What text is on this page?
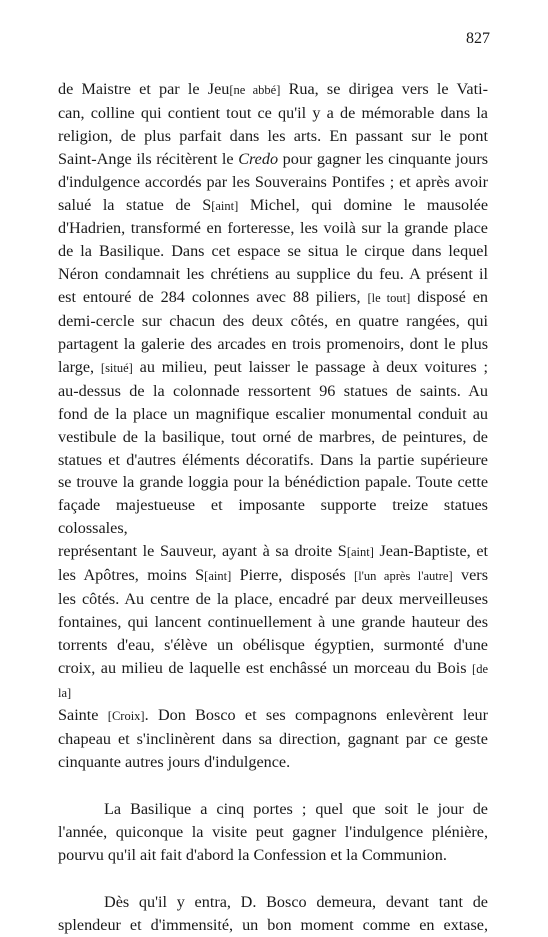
827
de Maistre et par le Jeu[ne abbé] Rua, se dirigea vers le Vati-
can, colline qui contient tout ce qu'il y a de mémorable dans la
religion, de plus parfait dans les arts. En passant sur le pont
Saint-Ange ils récitèrent le Credo pour gagner les cinquante jours
d'indulgence accordés par les Souverains Pontifes ; et après avoir
salué la statue de S[aint] Michel, qui domine le mausolée
d'Hadrien, transformé en forteresse, les voilà sur la grande place
de la Basilique. Dans cet espace se situa le cirque dans lequel
Néron condamnait les chrétiens au supplice du feu. A présent il
est entouré de 284 colonnes avec 88 piliers, [le tout] disposé en
demi-cercle sur chacun des deux côtés, en quatre rangées, qui
partagent la galerie des arcades en trois promenoirs, dont le plus
large, [situé] au milieu, peut laisser le passage à deux voitures ;
au-dessus de la colonnade ressortent 96 statues de saints. Au
fond de la place un magnifique escalier monumental conduit au
vestibule de la basilique, tout orné de marbres, de peintures, de
statues et d'autres éléments décoratifs. Dans la partie supérieure
se trouve la grande loggia pour la bénédiction papale. Toute cette
façade majestueuse et imposante supporte treize statues colossales,
représentant le Sauveur, ayant à sa droite S[aint] Jean-Baptiste, et
les Apôtres, moins S[aint] Pierre, disposés [l'un après l'autre] vers
les côtés. Au centre de la place, encadré par deux merveilleuses
fontaines, qui lancent continuellement à une grande hauteur des
torrents d'eau, s'élève un obélisque égyptien, surmonté d'une
croix, au milieu de laquelle est enchâssé un morceau du Bois [de la]
Sainte [Croix]. Don Bosco et ses compagnons enlevèrent leur
chapeau et s'inclinèrent dans sa direction, gagnant par ce geste
cinquante autres jours d'indulgence.
La Basilique a cinq portes ; quel que soit le jour de
l'année, quiconque la visite peut gagner l'indulgence plénière,
pourvu qu'il ait fait d'abord la Confession et la Communion.
Dès qu'il y entra, D. Bosco demeura, devant tant de
splendeur et d'immensité, un bon moment comme en extase,
